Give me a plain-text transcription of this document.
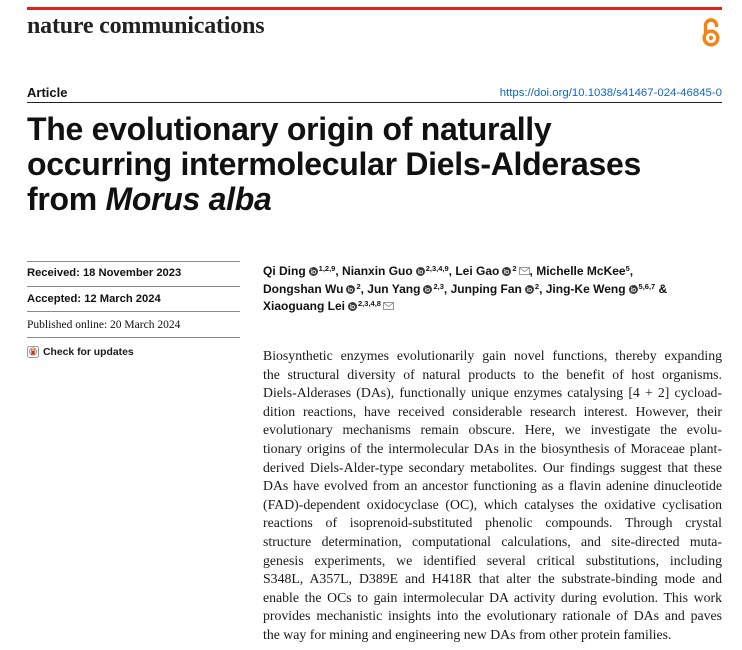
nature communications
Article	https://doi.org/10.1038/s41467-024-46845-0
The evolutionary origin of naturally
occurring intermolecular Diels-Alderases
from Morus alba
Received: 18 November 2023
Accepted: 12 March 2024
Published online: 20 March 2024
Check for updates
Qi Ding $^{1,2,9}$, Nianxin Guo $^{2,3,4,9}$, Lei Gao $^2$ , Michelle McKee$^5$,
Dongshan Wu $^2$, Jun Yang $^{2,3}$, Junping Fan $^2$, Jing-Ke Weng $^{5,6,7}$ &
Xiaoguang Lei $^{2,3,4,8}$
Biosynthetic enzymes evolutionarily gain novel functions, thereby expanding
the structural diversity of natural products to the benefit of host organisms.
Diels-Alderases (DAs), functionally unique enzymes catalysing [4 + 2] cycload-
dition reactions, have received considerable research interest. However, their
evolutionary mechanisms remain obscure. Here, we investigate the evolu-
tionary origins of the intermolecular DAs in the biosynthesis of Moraceae plant-
derived Diels-Alder-type secondary metabolites. Our findings suggest that these
DAs have evolved from an ancestor functioning as a flavin adenine dinucleotide
(FAD)-dependent oxidocyclase (OC), which catalyses the oxidative cyclisation
reactions of isoprenoid-substituted phenolic compounds. Through crystal
structure determination, computational calculations, and site-directed muta-
genesis experiments, we identified several critical substitutions, including
S348L, A357L, D389E and H418R that alter the substrate-binding mode and
enable the OCs to gain intermolecular DA activity during evolution. This work
provides mechanistic insights into the evolutionary rationale of DAs and paves
the way for mining and engineering new DAs from other protein families.
